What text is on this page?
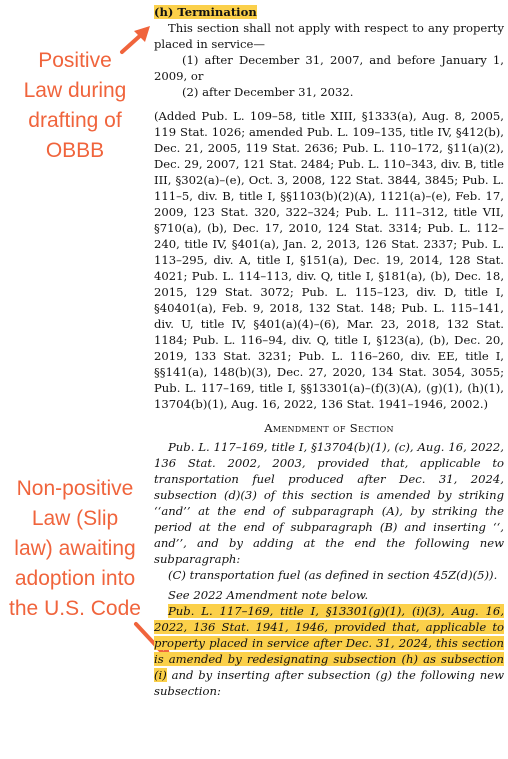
Positive
Law during
drafting of
OBBB
Non-positive
Law (Slip
law) awaiting
adoption into
the U.S. Code
(h) Termination

This section shall not apply with respect to any property placed in service—

(1) after December 31, 2007, and before January 1, 2009, or

(2) after December 31, 2032.

(Added Pub. L. 109–58, title XIII, §1333(a), Aug. 8, 2005, 119 Stat. 1026; amended Pub. L. 109–135, title IV, §412(b), Dec. 21, 2005, 119 Stat. 2636; Pub. L. 110–172, §11(a)(2), Dec. 29, 2007, 121 Stat. 2484; Pub. L. 110–343, div. B, title III, §302(a)–(e), Oct. 3, 2008, 122 Stat. 3844, 3845; Pub. L. 111–5, div. B, title I, §§1103(b)(2)(A), 1121(a)–(e), Feb. 17, 2009, 123 Stat. 320, 322–324; Pub. L. 111–312, title VII, §710(a), (b), Dec. 17, 2010, 124 Stat. 3314; Pub. L. 112–240, title IV, §401(a), Jan. 2, 2013, 126 Stat. 2337; Pub. L. 113–295, div. A, title I, §151(a), Dec. 19, 2014, 128 Stat. 4021; Pub. L. 114–113, div. Q, title I, §181(a), (b), Dec. 18, 2015, 129 Stat. 3072; Pub. L. 115–123, div. D, title I, §40401(a), Feb. 9, 2018, 132 Stat. 148; Pub. L. 115–141, div. U, title IV, §401(a)(4)–(6), Mar. 23, 2018, 132 Stat. 1184; Pub. L. 116–94, div. Q, title I, §123(a), (b), Dec. 20, 2019, 133 Stat. 3231; Pub. L. 116–260, div. EE, title I, §§141(a), 148(b)(3), Dec. 27, 2020, 134 Stat. 3054, 3055; Pub. L. 117–169, title I, §§13301(a)–(f)(3)(A), (g)(1), (h)(1), 13704(b)(1), Aug. 16, 2022, 136 Stat. 1941–1946, 2002.)

Amendment of Section

Pub. L. 117–169, title I, §13704(b)(1), (c), Aug. 16, 2022, 136 Stat. 2002, 2003, provided that, applicable to transportation fuel produced after Dec. 31, 2024, subsection (d)(3) of this section is amended by striking ‘‘and’’ at the end of subparagraph (A), by striking the period at the end of subparagraph (B) and inserting ‘‘, and’’, and by adding at the end the following new subparagraph:

(C) transportation fuel (as defined in section 45Z(d)(5)).

See 2022 Amendment note below.

Pub. L. 117–169, title I, §13301(g)(1), (i)(3), Aug. 16, 2022, 136 Stat. 1941, 1946, provided that, applicable to property placed in service after Dec. 31, 2024, this section is amended by redesignating subsection (h) as subsection (i) and by inserting after subsection (g) the following new subsection:
